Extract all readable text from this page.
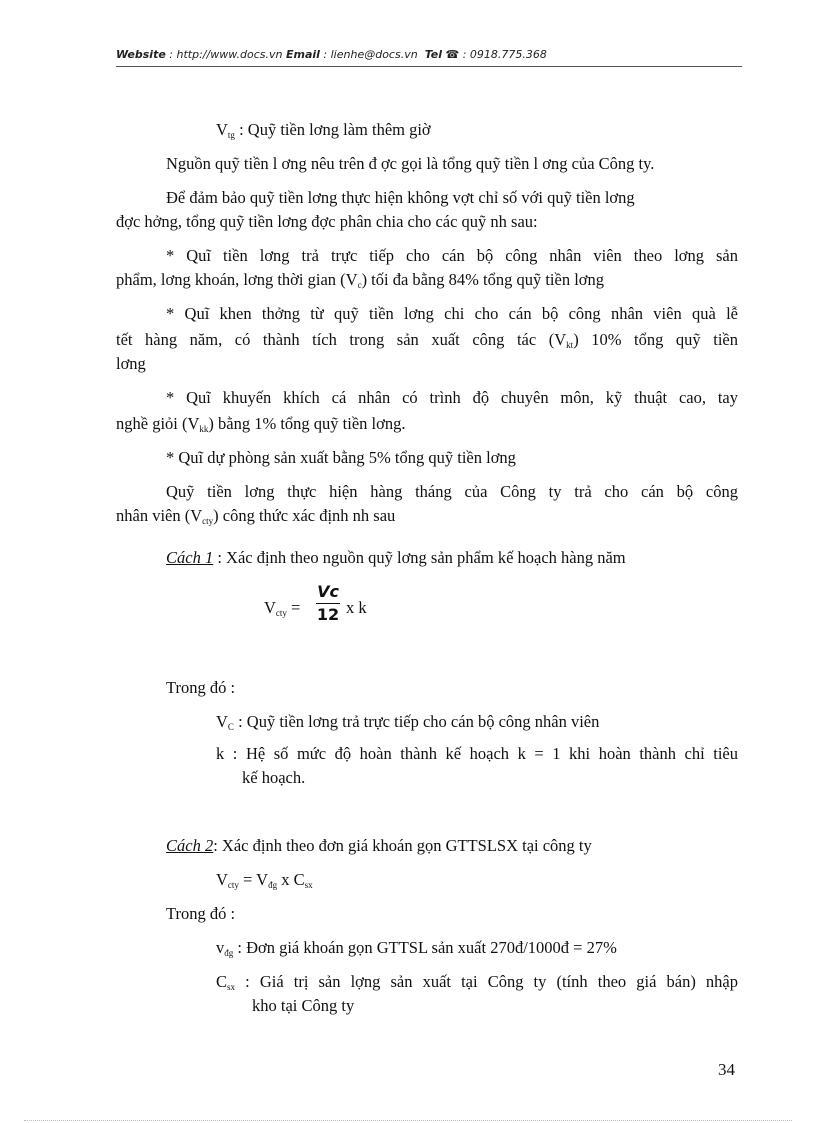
Website : http://www.docs.vn Email : lienhe@docs.vn Tel ☎ : 0918.775.368
$V_{tg}$ : Quỹ tiền lơng làm thêm giờ
Nguồn quỹ tiền l ơng nêu trên đ ợc gọi là tổng quỹ tiền l ơng của Công ty.
Để đảm bảo quỹ tiền lơng thực hiện không vợt chỉ số với quỹ tiền lơng
đợc hởng, tổng quỹ tiền lơng đợc phân chia cho các quỹ nh sau:
* Quĩ tiền lơng trả trực tiếp cho cán bộ công nhân viên theo lơng sản
phẩm, lơng khoán, lơng thời gian $(V_c)$ tối đa bằng 84% tổng quỹ tiền lơng
* Quĩ khen thởng từ quỹ tiền lơng chi cho cán bộ công nhân viên quà lễ
tết hàng năm, có thành tích trong sản xuất công tác $(V_{kt})$ 10% tổng quỹ tiền
lơng
* Quĩ khuyến khích cá nhân có trình độ chuyên môn, kỹ thuật cao, tay
nghề giỏi $(V_{kk})$ bằng 1% tổng quỹ tiền lơng.
* Quĩ dự phòng sản xuất bằng 5% tổng quỹ tiền lơng
Quỹ tiền lơng thực hiện hàng tháng của Công ty trả cho cán bộ công
nhân viên $(V_{cty})$ công thức xác định nh sau
Cách 1 : Xác định theo nguồn quỹ lơng sản phẩm kế hoạch hàng năm
$V_{cty}$ =
Vc
12 x k
Trong đó :
$V_C$ : Quỹ tiền lơng trả trực tiếp cho cán bộ công nhân viên
k : Hệ số mức độ hoàn thành kế hoạch k = 1 khi hoàn thành chỉ tiêu
kế hoạch.
Cách 2: Xác định theo đơn giá khoán gọn GTTSLSX tại công ty
$V_{cty} = V_{đg}$ x $C_{sx}$
Trong đó :
$v_{đg}$ : Đơn giá khoán gọn GTTSL sản xuất 270đ/1000đ = 27%
$C_{sx}$ : Giá trị sản lợng sản xuất tại Công ty (tính theo giá bán) nhập
kho tại Công ty
34
